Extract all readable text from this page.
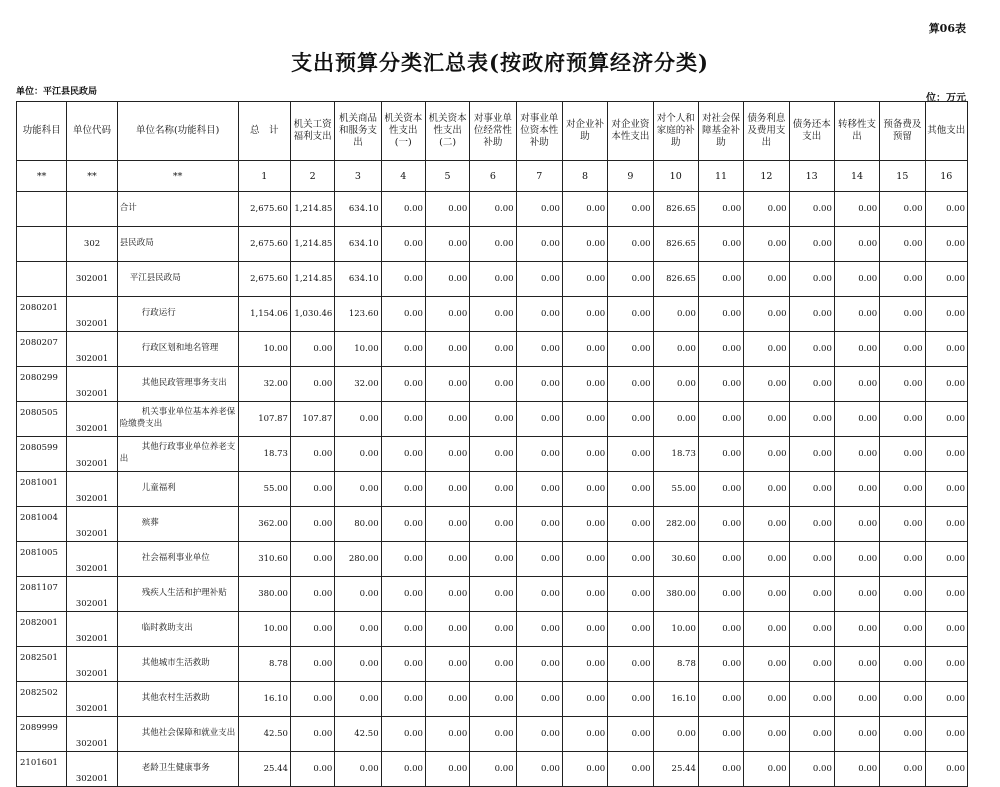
算06表
支出预算分类汇总表(按政府预算经济分类)
单位：平江县民政局
位：万元
功能科目	单位代码	单位名称(功能科目)	总　计	机关工资福利支出	机关商品和服务支出	机关资本性支出(一)	机关资本性支出(二)	对事业单位经常性补助	对事业单位资本性补助	对企业补助	对企业资本性支出	对个人和家庭的补助	对社会保障基金补助	债务利息及费用支出	债务还本支出	转移性支出	预备费及预留	其他支出
**	**	**	1	2	3	4	5	6	7	8	9	10	11	12	13	14	15	16
		合计	2,675.60	1,214.85	634.10	0.00	0.00	0.00	0.00	0.00	0.00	826.65	0.00	0.00	0.00	0.00	0.00	0.00
	302	县民政局	2,675.60	1,214.85	634.10	0.00	0.00	0.00	0.00	0.00	0.00	826.65	0.00	0.00	0.00	0.00	0.00	0.00
	302001	平江县民政局	2,675.60	1,214.85	634.10	0.00	0.00	0.00	0.00	0.00	0.00	826.65	0.00	0.00	0.00	0.00	0.00	0.00
2080201	302001	行政运行	1,154.06	1,030.46	123.60	0.00	0.00	0.00	0.00	0.00	0.00	0.00	0.00	0.00	0.00	0.00	0.00	0.00
2080207	302001	行政区划和地名管理	10.00	0.00	10.00	0.00	0.00	0.00	0.00	0.00	0.00	0.00	0.00	0.00	0.00	0.00	0.00	0.00
2080299	302001	其他民政管理事务支出	32.00	0.00	32.00	0.00	0.00	0.00	0.00	0.00	0.00	0.00	0.00	0.00	0.00	0.00	0.00	0.00
2080505	302001	机关事业单位基本养老保险缴费支出	107.87	107.87	0.00	0.00	0.00	0.00	0.00	0.00	0.00	0.00	0.00	0.00	0.00	0.00	0.00	0.00
2080599	302001	其他行政事业单位养老支出	18.73	0.00	0.00	0.00	0.00	0.00	0.00	0.00	0.00	18.73	0.00	0.00	0.00	0.00	0.00	0.00
2081001	302001	儿童福利	55.00	0.00	0.00	0.00	0.00	0.00	0.00	0.00	0.00	55.00	0.00	0.00	0.00	0.00	0.00	0.00
2081004	302001	殡葬	362.00	0.00	80.00	0.00	0.00	0.00	0.00	0.00	0.00	282.00	0.00	0.00	0.00	0.00	0.00	0.00
2081005	302001	社会福利事业单位	310.60	0.00	280.00	0.00	0.00	0.00	0.00	0.00	0.00	30.60	0.00	0.00	0.00	0.00	0.00	0.00
2081107	302001	残疾人生活和护理补贴	380.00	0.00	0.00	0.00	0.00	0.00	0.00	0.00	0.00	380.00	0.00	0.00	0.00	0.00	0.00	0.00
2082001	302001	临时救助支出	10.00	0.00	0.00	0.00	0.00	0.00	0.00	0.00	0.00	10.00	0.00	0.00	0.00	0.00	0.00	0.00
2082501	302001	其他城市生活救助	8.78	0.00	0.00	0.00	0.00	0.00	0.00	0.00	0.00	8.78	0.00	0.00	0.00	0.00	0.00	0.00
2082502	302001	其他农村生活救助	16.10	0.00	0.00	0.00	0.00	0.00	0.00	0.00	0.00	16.10	0.00	0.00	0.00	0.00	0.00	0.00
2089999	302001	其他社会保障和就业支出	42.50	0.00	42.50	0.00	0.00	0.00	0.00	0.00	0.00	0.00	0.00	0.00	0.00	0.00	0.00	0.00
2101601	302001	老龄卫生健康事务	25.44	0.00	0.00	0.00	0.00	0.00	0.00	0.00	0.00	25.44	0.00	0.00	0.00	0.00	0.00	0.00
